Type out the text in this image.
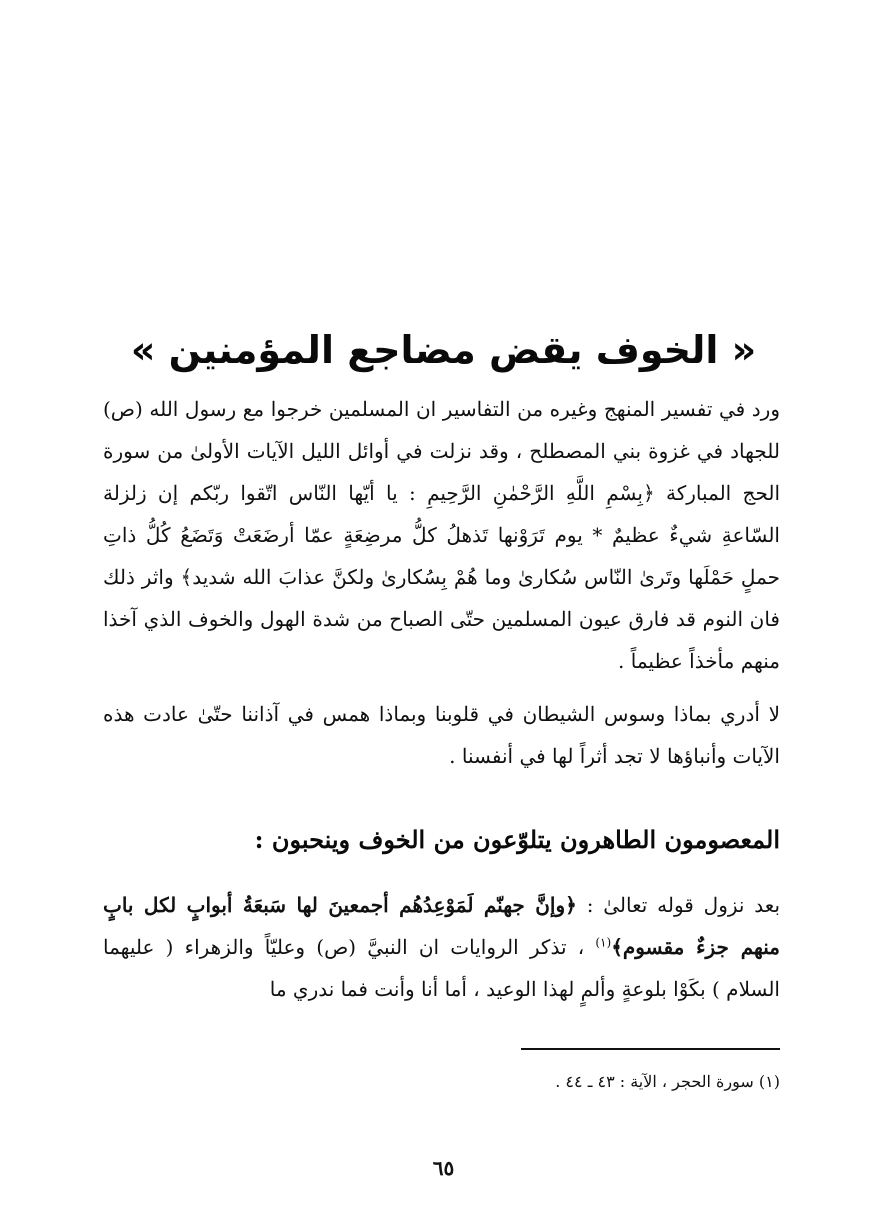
« الخوف يقض مضاجع المؤمنين »

ورد في تفسير المنهج وغيره من التفاسير ان المسلمين خرجوا مع رسول الله (ص) للجهاد في غزوة بني المصطلح ، وقد نزلت في أوائل الليل الآيات الأولىٰ من سورة الحج المباركة ﴿بِسْمِ اللَّهِ الرَّحْمٰنِ الرَّحِيمِ : يا أيّها النّاس اتّقوا ربّكم إن زلزلة السّاعةِ شيءٌ عظيمٌ * يوم تَرَوْنها تَذهلُ كلُّ مرضِعَةٍ عمّا أرضَعَتْ وَتَضَعُ كُلُّ ذاتِ حملٍ حَمْلَها وتَرىٰ النّاس سُكارىٰ وما هُمْ بِسُكارىٰ ولكنَّ عذابَ الله شديد﴾ واثر ذلك فان النوم قد فارق عيون المسلمين حتّى الصباح من شدة الهول والخوف الذي آخذا منهم مأخذاً عظيماً .

لا أدري بماذا وسوس الشيطان في قلوبنا وبماذا همس في آذاننا حتّىٰ عادت هذه الآيات وأنباؤها لا تجد أثراً لها في أنفسنا .

المعصومون الطاهرون يتلوّعون من الخوف وينحبون :

بعد نزول قوله تعالىٰ : ﴿وإنَّ جهنّم لَمَوْعِدُهُم أجمعينَ لها سَبعَةُ أبوابٍ لكل بابٍ منهم جزءٌ مقسوم﴾$^{(١)}$ ، تذكر الروايات ان النبيَّ (ص) وعليّاً والزهراء ( عليهما السلام ) بكَوْا بلوعةٍ وألمٍ لهذا الوعيد ، أما أنا وأنت فما ندري ما

(١) سورة الحجر ، الآية : ٤٣ ـ ٤٤ .

٦٥
